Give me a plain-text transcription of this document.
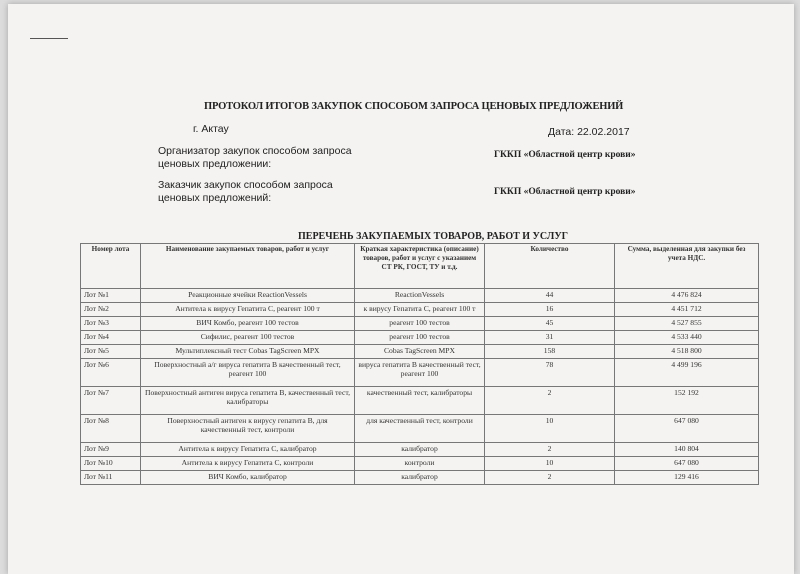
ПРОТОКОЛ ИТОГОВ ЗАКУПОК СПОСОБОМ ЗАПРОСА ЦЕНОВЫХ ПРЕДЛОЖЕНИЙ
г. Актау	Дата: 22.02.2017
Организатор закупок способом запроса ценовых предложении:
ГККП «Областной центр крови»
Заказчик закупок способом запроса ценовых предложений:	ГККП «Областной центр крови»
ПЕРЕЧЕНЬ ЗАКУПАЕМЫХ ТОВАРОВ, РАБОТ И УСЛУГ
Номер лота	Наименование закупаемых товаров, работ и услуг	Краткая характеристика (описание) товаров, работ и услуг с указанием СТ РК, ГОСТ, ТУ и т.д.	Количество	Сумма, выделенная для закупки без учета НДС.
Лот №1	Реакционные ячейки ReactionVessels	ReactionVessels	44	4 476 824
Лот №2	Антитела к вирусу Гепатита С, реагент 100 т	к вирусу Гепатита С, реагент 100 т	16	4 451 712
Лот №3	ВИЧ Комбо, реагент 100 тестов	реагент 100 тестов	45	4 527 855
Лот №4	Сифилис, реагент 100 тестов	реагент 100 тестов	31	4 533 440
Лот №5	Мультиплексный тест Cobas TagScreen MPX	Cobas TagScreen MPX	158	4 518 800
Лот №6	Поверхностный а/г вируса гепатита В качественный тест, реагент 100	вируса гепатита В качественный тест, реагент 100	78	4 499 196
Лот №7	Поверхностный антиген вируса гепатита В, качественный тест, калибраторы	качественный тест, калибраторы	2	152 192
Лот №8	Поверхностный антиген к вирусу гепатита В, для качественный тест, контроли	для качественный тест, контроли	10	647 080
Лот №9	Антитела к вирусу Гепатита С, калибратор	калибратор	2	140 804
Лот №10	Антитела к вирусу Гепатита С, контроли	контроли	10	647 080
Лот №11	ВИЧ Комбо, калибратор	калибратор	2	129 416
